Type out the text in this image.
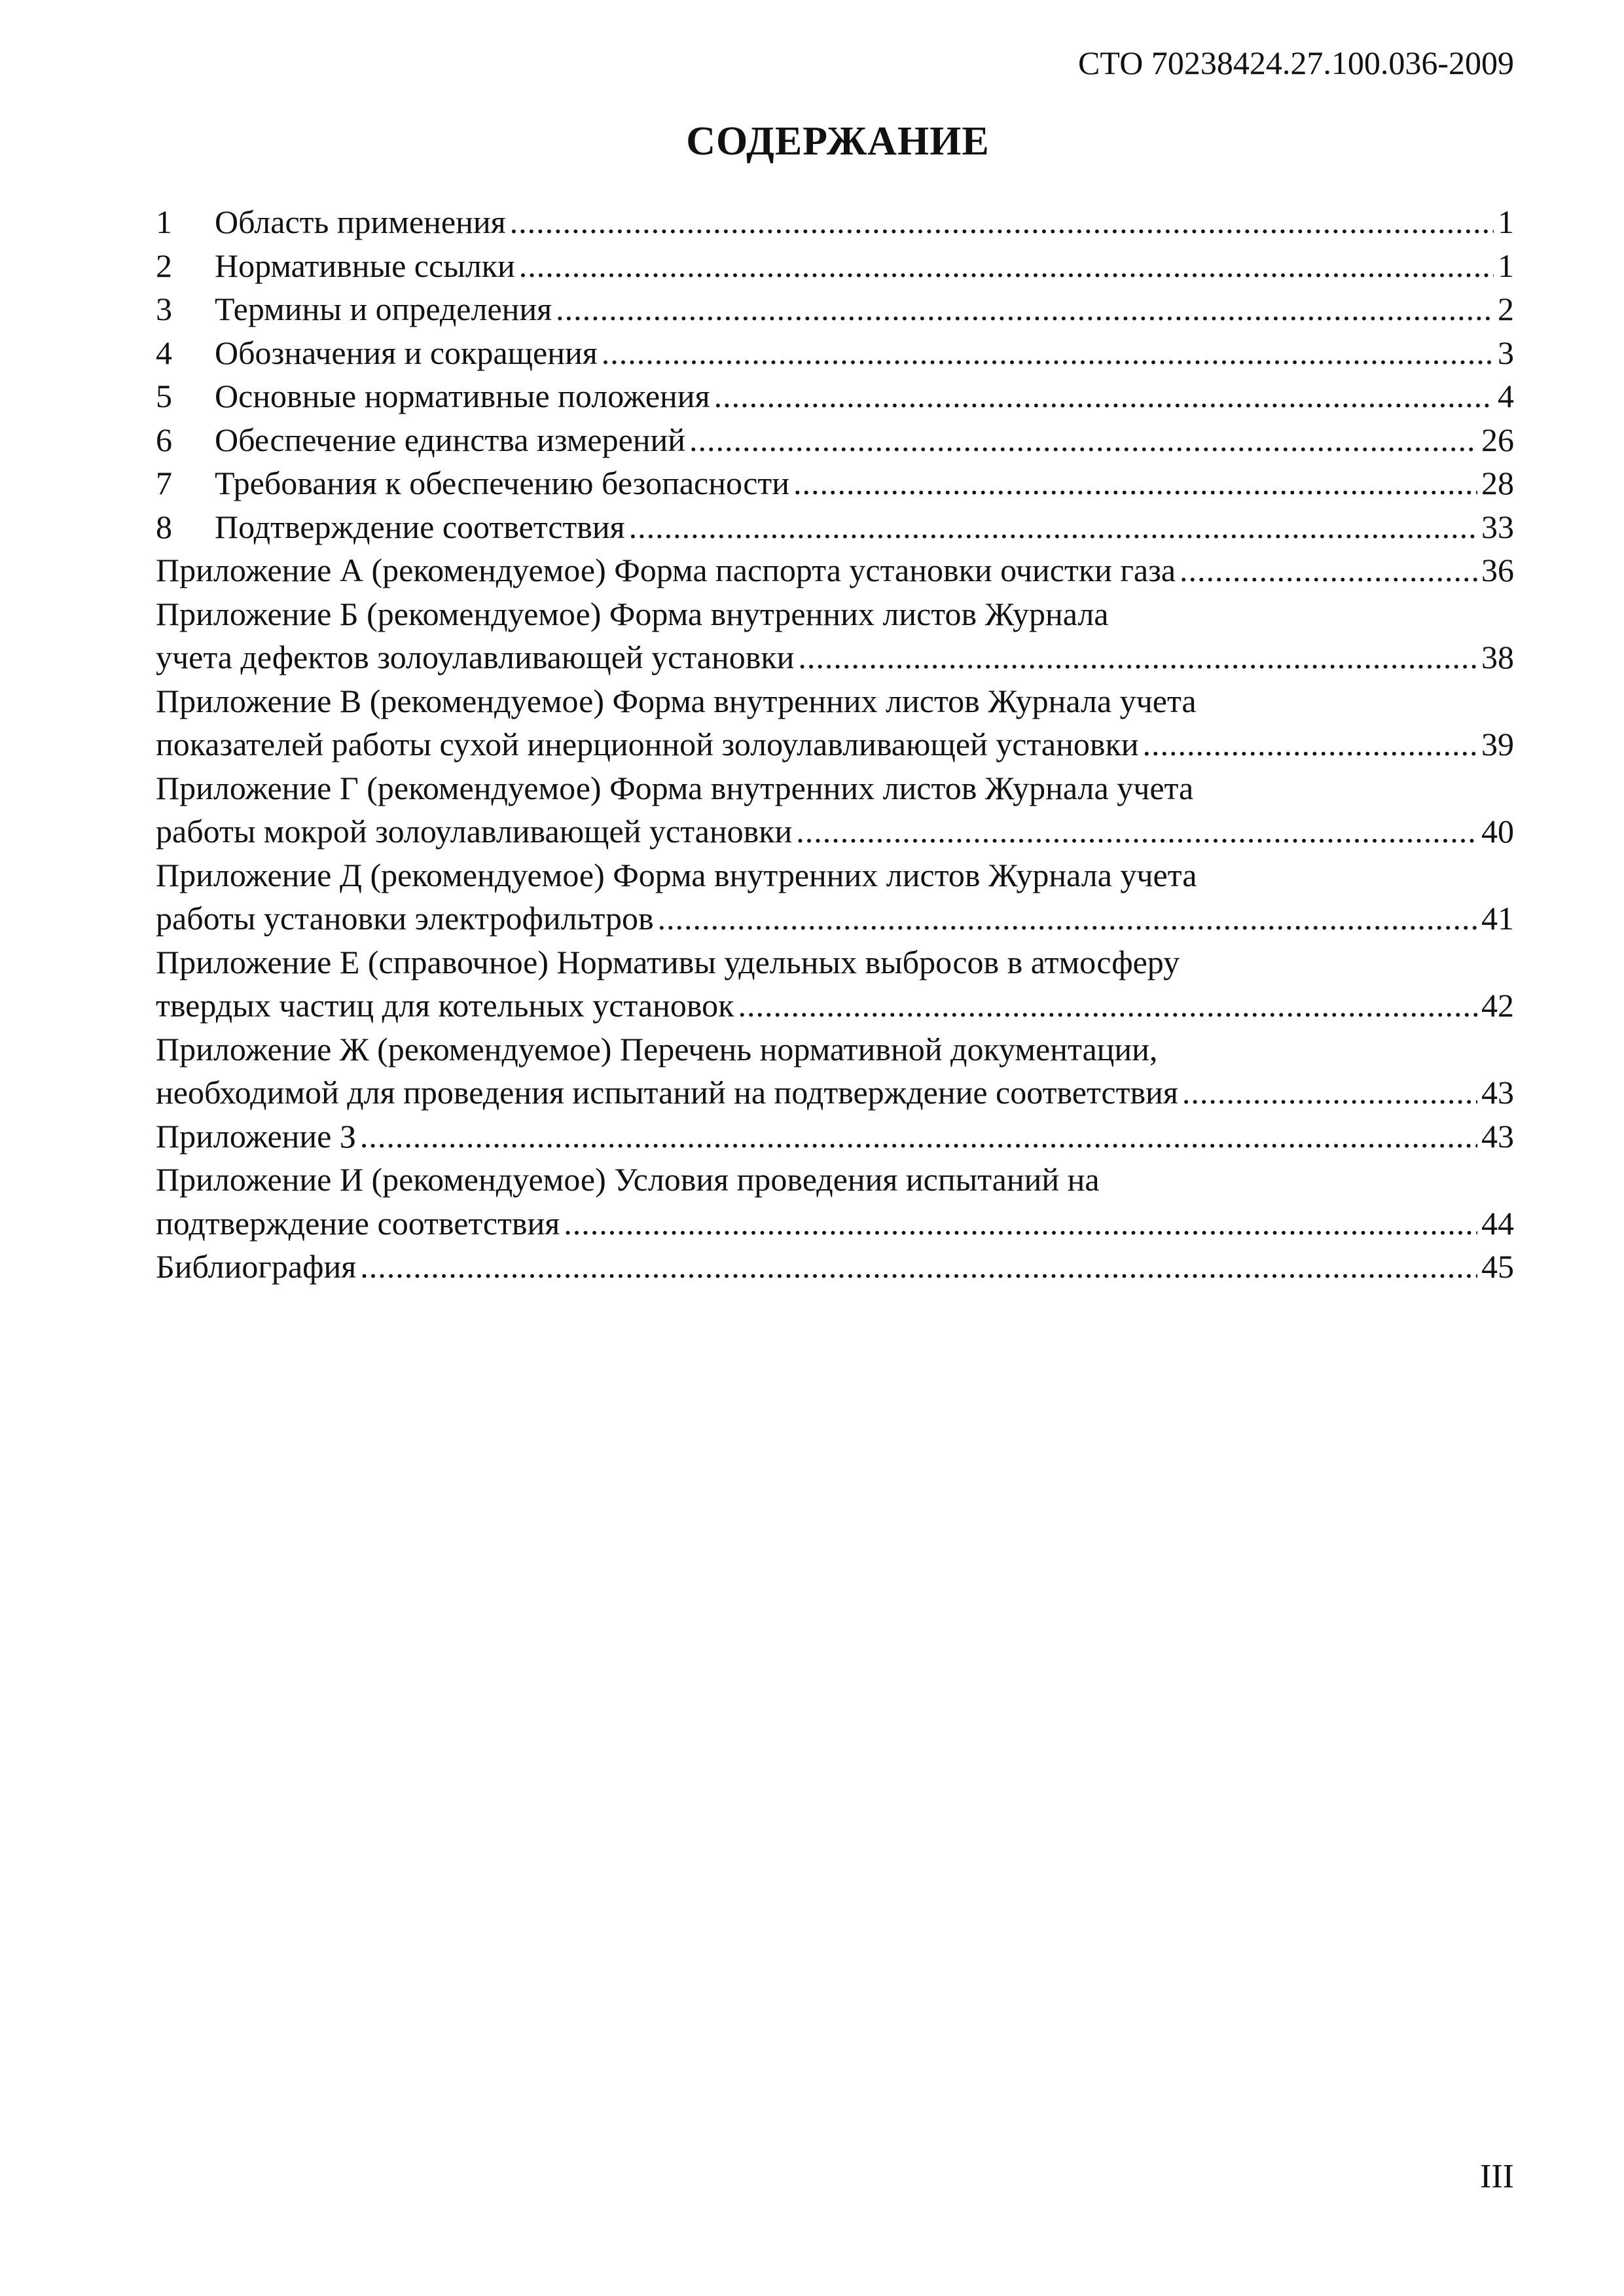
СТО 70238424.27.100.036-2009
СОДЕРЖАНИЕ
1	Область применения .....	1
2	Нормативные ссылки .....	1
3	Термины и определения .....	2
4	Обозначения и сокращения .....	3
5	Основные нормативные положения .....	4
6	Обеспечение единства измерений .....	26
7	Требования к обеспечению безопасности .....	28
8	Подтверждение соответствия .....	33
Приложение А (рекомендуемое) Форма паспорта установки очистки газа .....	36
Приложение Б (рекомендуемое) Форма внутренних листов Журнала
учета дефектов золоулавливающей установки .....	38
Приложение В (рекомендуемое) Форма внутренних листов Журнала учета
показателей работы сухой инерционной золоулавливающей установки .....	39
Приложение Г (рекомендуемое) Форма внутренних листов Журнала учета
работы мокрой золоулавливающей установки .....	40
Приложение Д (рекомендуемое) Форма внутренних листов Журнала учета
работы установки электрофильтров .....	41
Приложение Е (справочное) Нормативы удельных выбросов в атмосферу
твердых частиц для котельных установок .....	42
Приложение Ж (рекомендуемое) Перечень нормативной документации,
необходимой для проведения испытаний на подтверждение соответствия .....	43
Приложение З .....	43
Приложение И (рекомендуемое) Условия проведения испытаний на
подтверждение соответствия .....	44
Библиография .....	45
III
